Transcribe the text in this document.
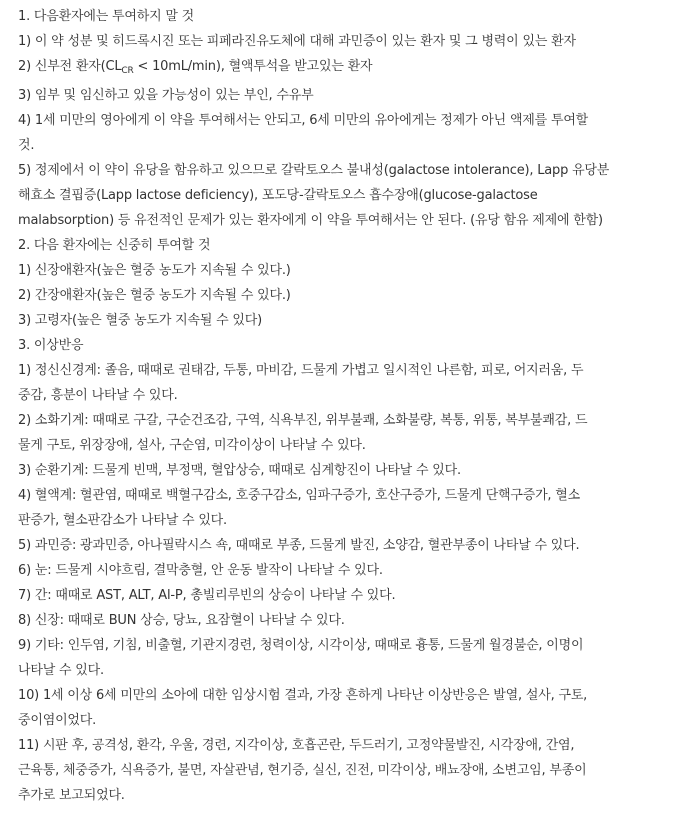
1. 다음환자에는 투여하지 말 것
1) 이 약 성분 및 히드록시진 또는 피페라진유도체에 대해 과민증이 있는 환자 및 그 병력이 있는 환자
2) 신부전 환자$(CL_{CR} < 10mL/\min)$, 혈액투석을 받고있는 환자
3) 임부 및 임신하고 있을 가능성이 있는 부인, 수유부
4) 1세 미만의 영아에게 이 약을 투여해서는 안되고, 6세 미만의 유아에게는 정제가 아닌 액제를 투여할
것.
5) 정제에서 이 약이 유당을 함유하고 있으므로 갈락토오스 불내성(galactose intolerance), Lapp 유당분
해효소 결핍증(Lapp lactose deficiency), 포도당-갈락토오스 흡수장애(glucose-galactose
malabsorption) 등 유전적인 문제가 있는 환자에게 이 약을 투여해서는 안 된다. (유당 함유 제제에 한함)
2. 다음 환자에는 신중히 투여할 것
1) 신장애환자(높은 혈중 농도가 지속될 수 있다.)
2) 간장애환자(높은 혈중 농도가 지속될 수 있다.)
3) 고령자(높은 혈중 농도가 지속될 수 있다)
3. 이상반응
1) 정신신경계: 졸음, 때때로 권태감, 두통, 마비감, 드물게 가볍고 일시적인 나른함, 피로, 어지러움, 두
중감, 흥분이 나타날 수 있다.
2) 소화기계: 때때로 구갈, 구순건조감, 구역, 식욕부진, 위부불쾌, 소화불량, 복통, 위통, 복부불쾌감, 드
물게 구토, 위장장애, 설사, 구순염, 미각이상이 나타날 수 있다.
3) 순환기계: 드물게 빈맥, 부정맥, 혈압상승, 때때로 심계항진이 나타날 수 있다.
4) 혈액계: 혈관염, 때때로 백혈구감소, 호중구감소, 임파구증가, 호산구증가, 드물게 단핵구증가, 혈소
판증가, 혈소판감소가 나타날 수 있다.
5) 과민증: 광과민증, 아나필락시스 쇽, 때때로 부종, 드물게 발진, 소양감, 혈관부종이 나타날 수 있다.
6) 눈: 드물게 시야흐림, 결막충혈, 안 운동 발작이 나타날 수 있다.
7) 간: 때때로 AST, ALT, Al-P, 총빌리루빈의 상승이 나타날 수 있다.
8) 신장: 때때로 BUN 상승, 당뇨, 요잠혈이 나타날 수 있다.
9) 기타: 인두염, 기침, 비출혈, 기관지경련, 청력이상, 시각이상, 때때로 흉통, 드물게 월경불순, 이명이
나타날 수 있다.
10) 1세 이상 6세 미만의 소아에 대한 임상시험 결과, 가장 흔하게 나타난 이상반응은 발열, 설사, 구토,
중이염이었다.
11) 시판 후, 공격성, 환각, 우울, 경련, 지각이상, 호흡곤란, 두드러기, 고정약물발진, 시각장애, 간염,
근육통, 체중증가, 식욕증가, 불면, 자살관념, 현기증, 실신, 진전, 미각이상, 배뇨장애, 소변고임, 부종이
추가로 보고되었다.
